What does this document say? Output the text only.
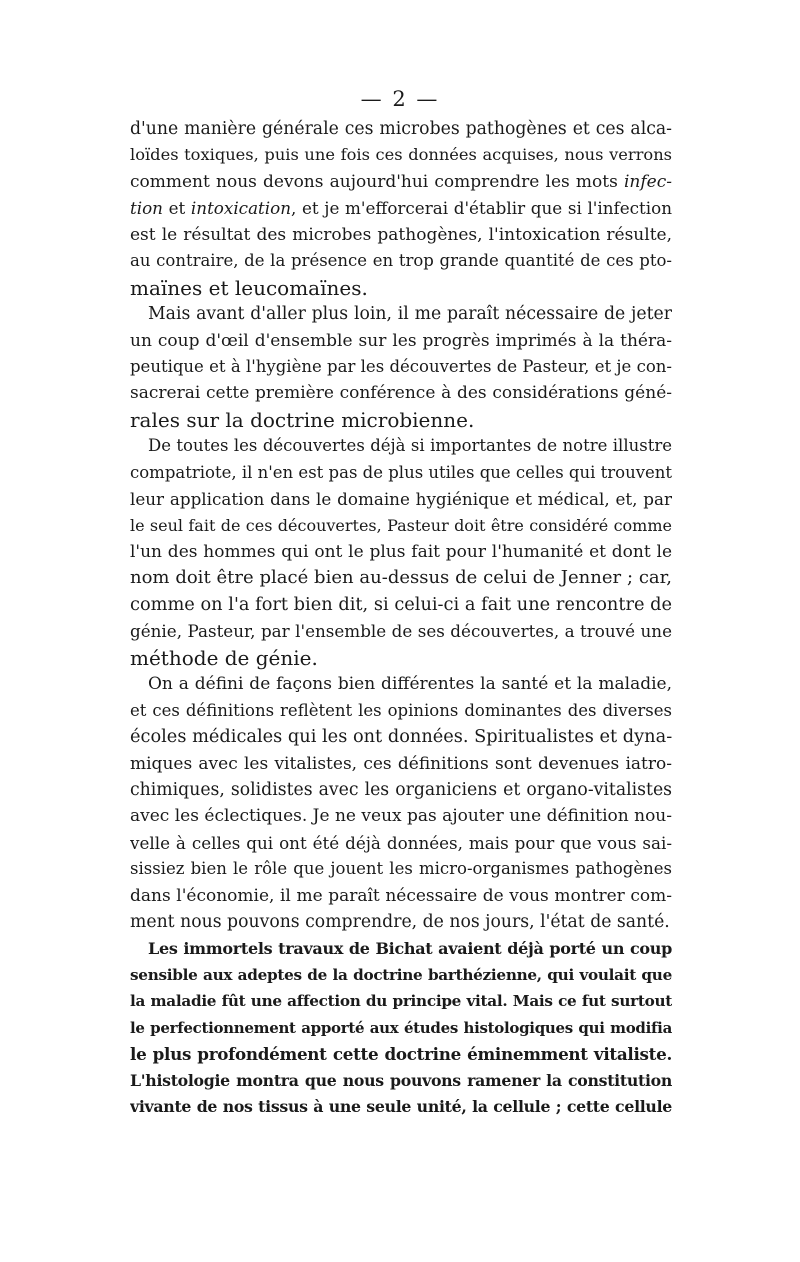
— 2 —
d'une manière générale ces microbes pathogènes et ces alca-
loïdes toxiques, puis une fois ces données acquises, nous verrons
comment nous devons aujourd'hui comprendre les mots infec-
tion et intoxication, et je m'efforcerai d'établir que si l'infection
est le résultat des microbes pathogènes, l'intoxication résulte,
au contraire, de la présence en trop grande quantité de ces pto-
maïnes et leucomaïnes.
Mais avant d'aller plus loin, il me paraît nécessaire de jeter
un coup d'œil d'ensemble sur les progrès imprimés à la théra-
peutique et à l'hygiène par les découvertes de Pasteur, et je con-
sacrerai cette première conférence à des considérations géné-
rales sur la doctrine microbienne.
De toutes les découvertes déjà si importantes de notre illustre
compatriote, il n'en est pas de plus utiles que celles qui trouvent
leur application dans le domaine hygiénique et médical, et, par
le seul fait de ces découvertes, Pasteur doit être considéré comme
l'un des hommes qui ont le plus fait pour l'humanité et dont le
nom doit être placé bien au-dessus de celui de Jenner ; car,
comme on l'a fort bien dit, si celui-ci a fait une rencontre de
génie, Pasteur, par l'ensemble de ses découvertes, a trouvé une
méthode de génie.
On a défini de façons bien différentes la santé et la maladie,
et ces définitions reflètent les opinions dominantes des diverses
écoles médicales qui les ont données. Spiritualistes et dyna-
miques avec les vitalistes, ces définitions sont devenues iatro-
chimiques, solidistes avec les organiciens et organo-vitalistes
avec les éclectiques. Je ne veux pas ajouter une définition nou-
velle à celles qui ont été déjà données, mais pour que vous sai-
sissiez bien le rôle que jouent les micro-organismes pathogènes
dans l'économie, il me paraît nécessaire de vous montrer com-
ment nous pouvons comprendre, de nos jours, l'état de santé.
Les immortels travaux de Bichat avaient déjà porté un coup
sensible aux adeptes de la doctrine barthézienne, qui voulait que
la maladie fût une affection du principe vital. Mais ce fut surtout
le perfectionnement apporté aux études histologiques qui modifia
le plus profondément cette doctrine éminemment vitaliste.
L'histologie montra que nous pouvons ramener la constitution
vivante de nos tissus à une seule unité, la cellule ; cette cellule
